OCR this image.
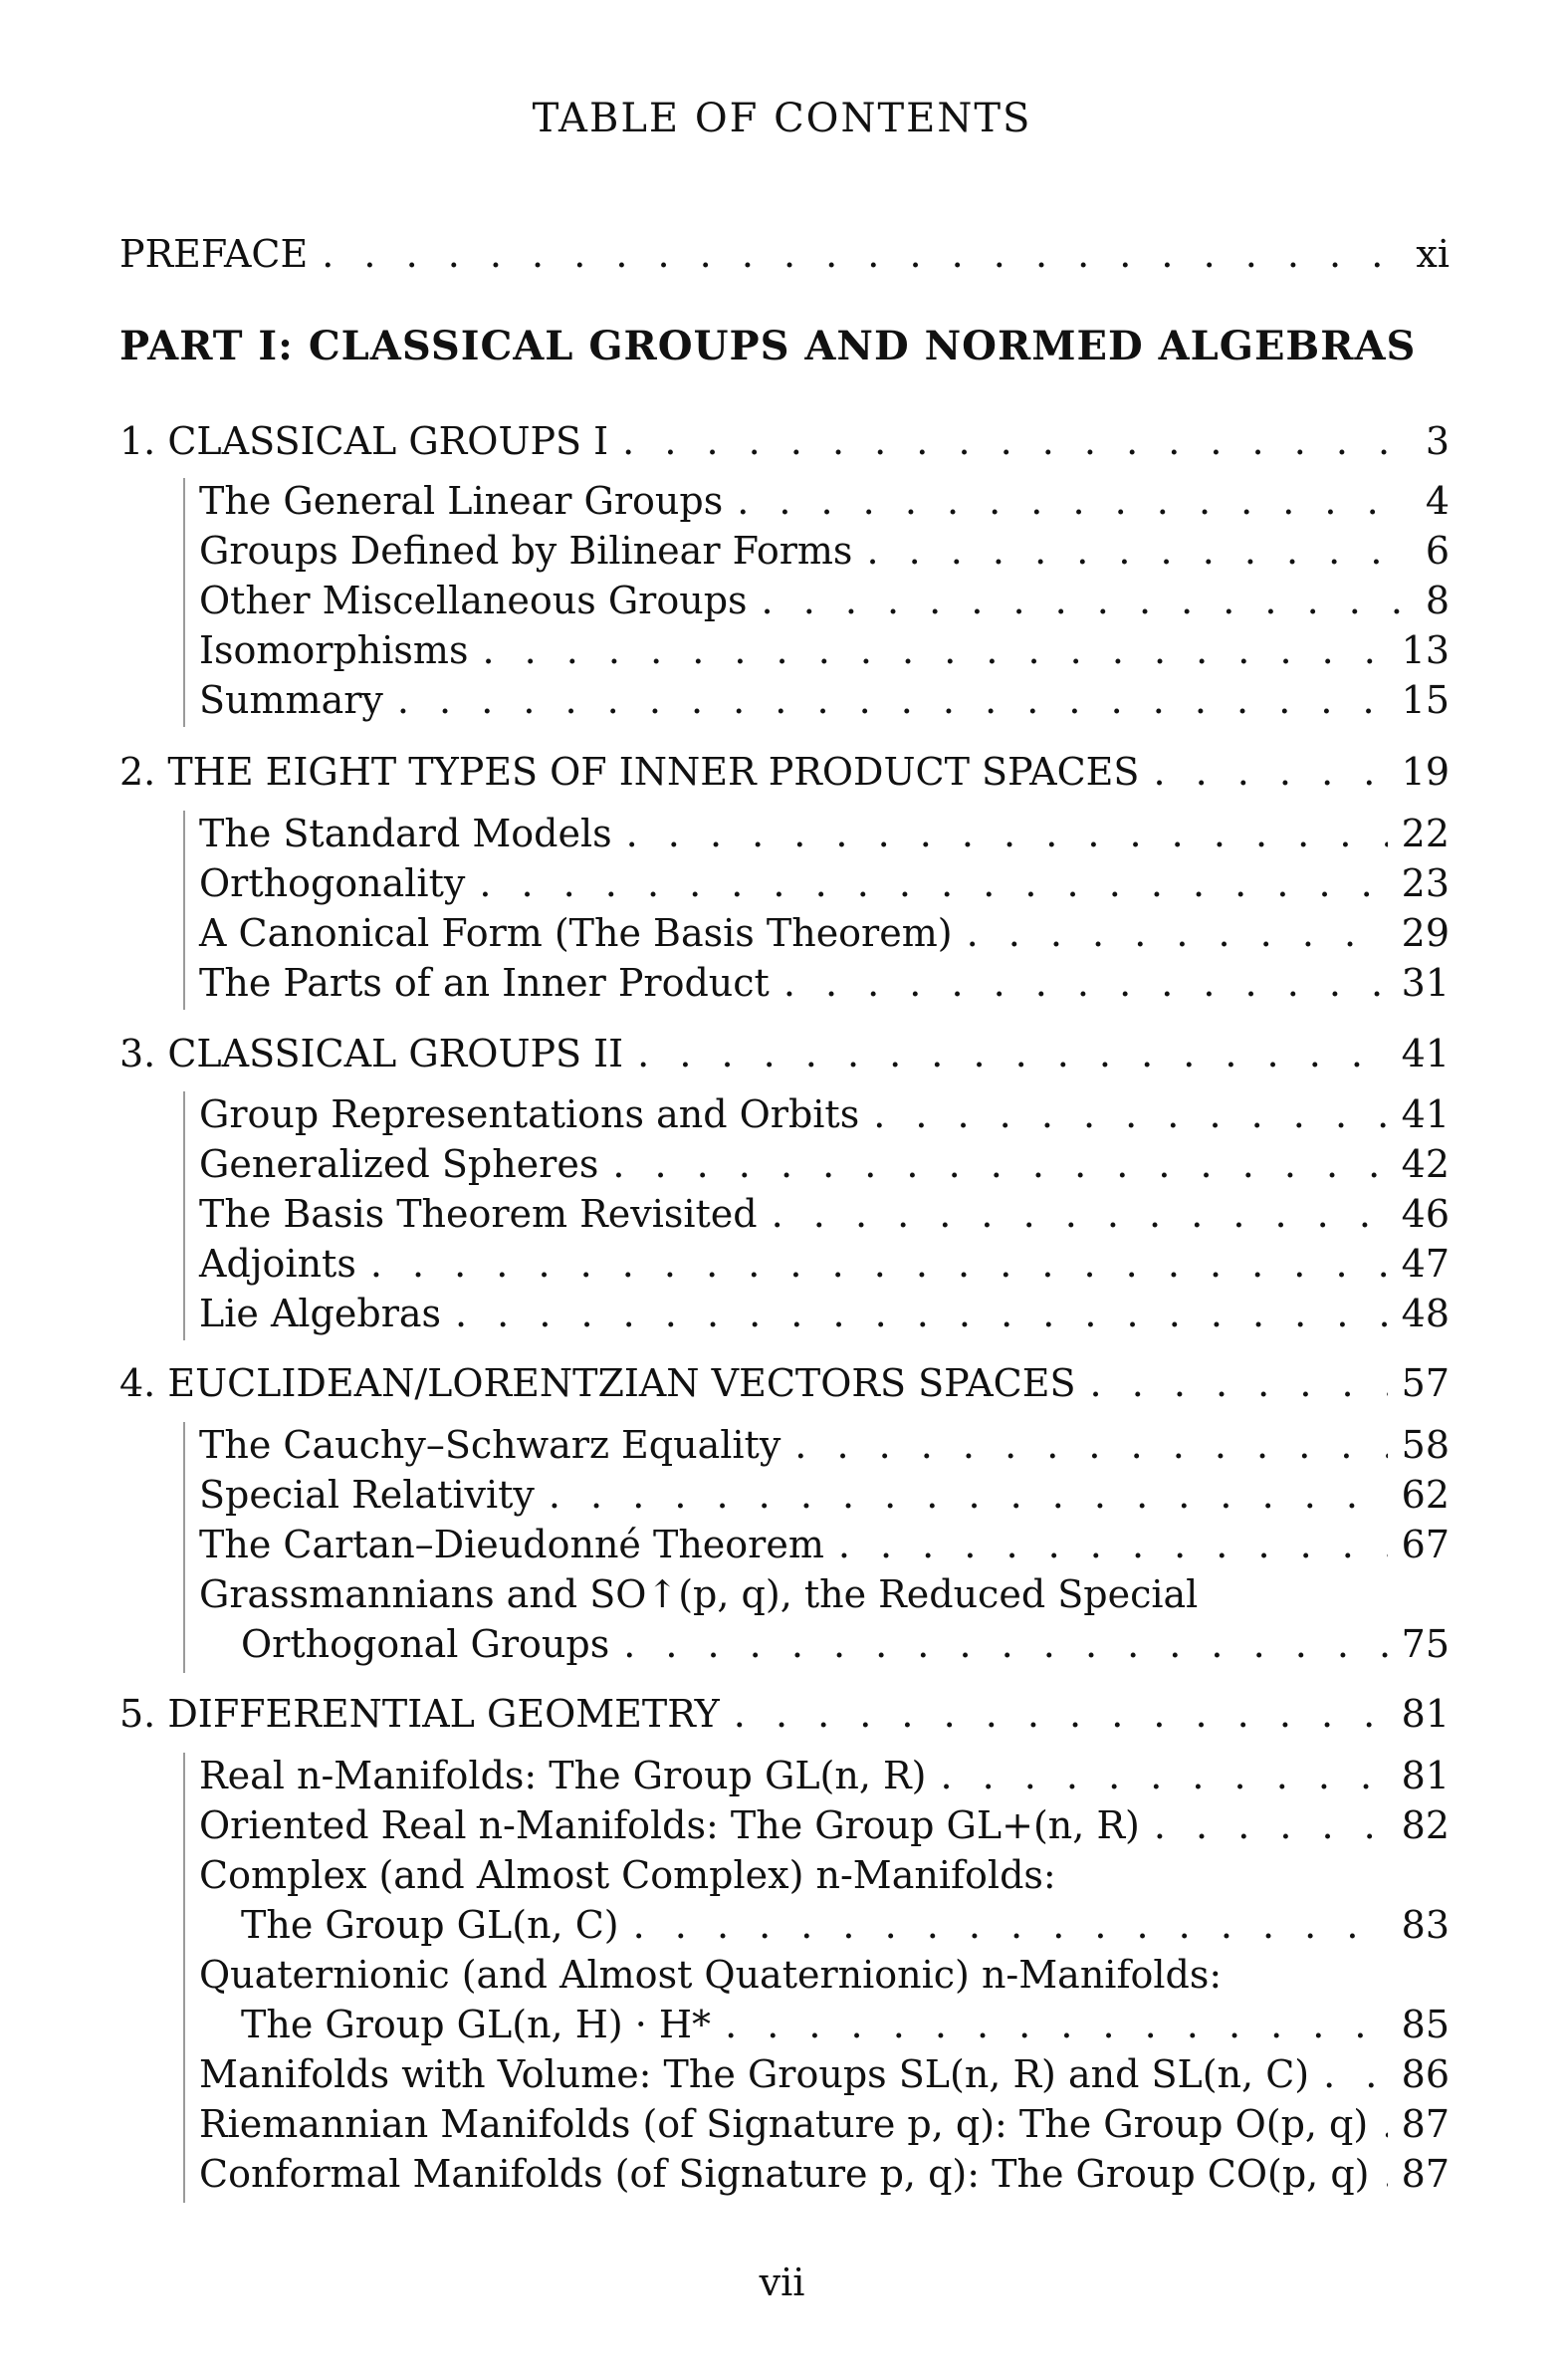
TABLE OF CONTENTS
PREFACE . . .	xi
PART I: CLASSICAL GROUPS AND NORMED ALGEBRAS
1. CLASSICAL GROUPS I . . .	3
The General Linear Groups . . .	4
Groups Defined by Bilinear Forms . . .	6
Other Miscellaneous Groups . . .	8
Isomorphisms . . .	13
Summary . . .	15
2. THE EIGHT TYPES OF INNER PRODUCT SPACES . . .	19
The Standard Models . . .	22
Orthogonality . . .	23
A Canonical Form (The Basis Theorem) . . .	29
The Parts of an Inner Product . . .	31
3. CLASSICAL GROUPS II . . .	41
Group Representations and Orbits . . .	41
Generalized Spheres . . .	42
The Basis Theorem Revisited . . .	46
Adjoints . . .	47
Lie Algebras . . .	48
4. EUCLIDEAN/LORENTZIAN VECTORS SPACES . . .	57
The Cauchy–Schwarz Equality . . .	58
Special Relativity . . .	62
The Cartan–Dieudonné Theorem . . .	67
Grassmannians and SO↑(p, q), the Reduced Special
Orthogonal Groups . . .	75
5. DIFFERENTIAL GEOMETRY . . .	81
Real n-Manifolds: The Group GL(n, R) . . .	81
Oriented Real n-Manifolds: The Group GL+(n, R) . . .	82
Complex (and Almost Complex) n-Manifolds:
The Group GL(n, C) . . .	83
Quaternionic (and Almost Quaternionic) n-Manifolds:
The Group GL(n, H) · H* . . .	85
Manifolds with Volume: The Groups SL(n, R) and SL(n, C) . . . 86
Riemannian Manifolds (of Signature p, q): The Group O(p, q) . . . 87
Conformal Manifolds (of Signature p, q): The Group CO(p, q) . . . 87
vii
